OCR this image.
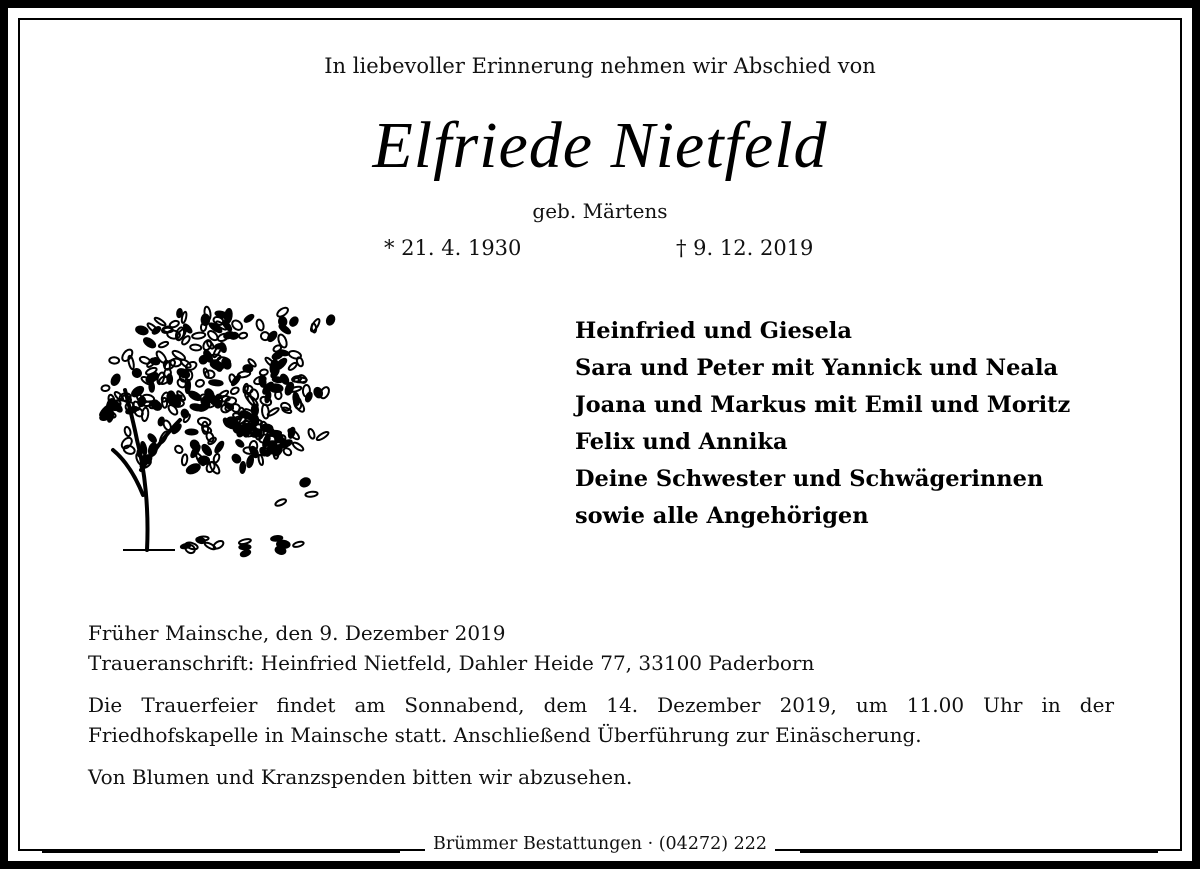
In liebevoller Erinnerung nehmen wir Abschied von
Elfriede Nietfeld
geb. Märtens
* 21. 4. 1930	† 9. 12. 2019
Heinfried und Giesela
Sara und Peter mit Yannick und Neala
Joana und Markus mit Emil und Moritz
Felix und Annika
Deine Schwester und Schwägerinnen
sowie alle Angehörigen

Früher Mainsche, den 9. Dezember 2019

Traueranschrift: Heinfried Nietfeld, Dahler Heide 77, 33100 Paderborn

Die Trauerfeier findet am Sonnabend, dem 14. Dezember 2019, um 11.00 Uhr in der Friedhofskapelle in Mainsche statt. Anschließend Überführung zur Einäscherung.

Von Blumen und Kranzspenden bitten wir abzusehen.

Brümmer Bestattungen · (04272) 222
